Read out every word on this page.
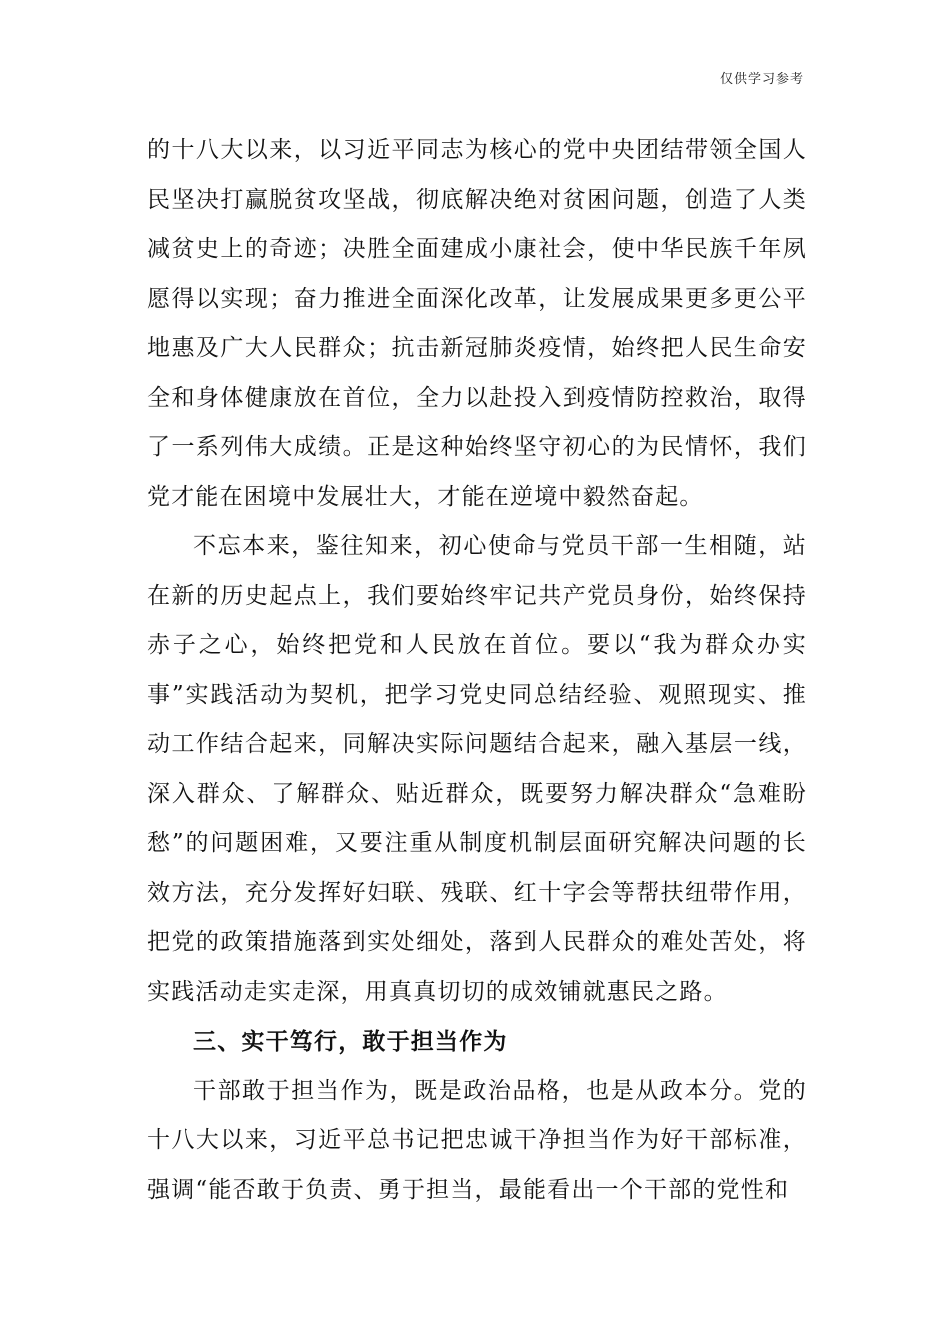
仅供学习参考

的十八大以来，以习近平同志为核心的党中央团结带领全国人民坚决打赢脱贫攻坚战，彻底解决绝对贫困问题，创造了人类减贫史上的奇迹；决胜全面建成小康社会，使中华民族千年夙愿得以实现；奋力推进全面深化改革，让发展成果更多更公平地惠及广大人民群众；抗击新冠肺炎疫情，始终把人民生命安全和身体健康放在首位，全力以赴投入到疫情防控救治，取得了一系列伟大成绩。正是这种始终坚守初心的为民情怀，我们党才能在困境中发展壮大，才能在逆境中毅然奋起。

不忘本来，鉴往知来，初心使命与党员干部一生相随，站在新的历史起点上，我们要始终牢记共产党员身份，始终保持赤子之心，始终把党和人民放在首位。要以“我为群众办实事”实践活动为契机，把学习党史同总结经验、观照现实、推动工作结合起来，同解决实际问题结合起来，融入基层一线，深入群众、了解群众、贴近群众，既要努力解决群众“急难盼愁”的问题困难，又要注重从制度机制层面研究解决问题的长效方法，充分发挥好妇联、残联、红十字会等帮扶纽带作用，把党的政策措施落到实处细处，落到人民群众的难处苦处，将实践活动走实走深，用真真切切的成效铺就惠民之路。

三、实干笃行，敢于担当作为

干部敢于担当作为，既是政治品格，也是从政本分。党的十八大以来，习近平总书记把忠诚干净担当作为好干部标准，强调“能否敢于负责、勇于担当，最能看出一个干部的党性和
